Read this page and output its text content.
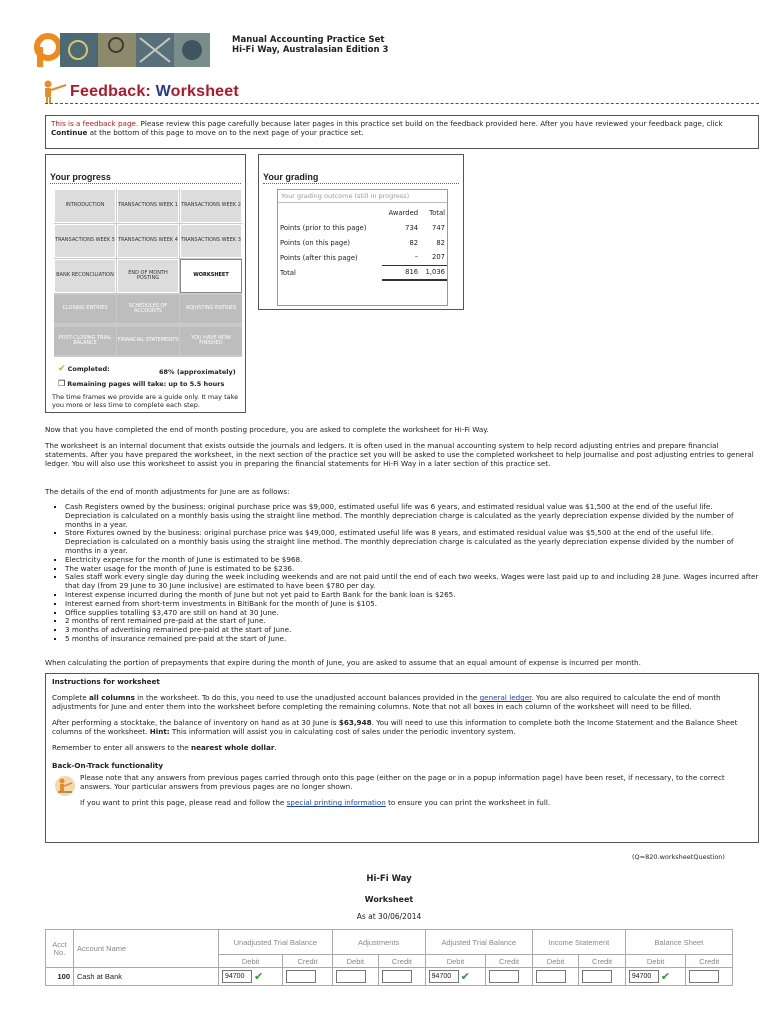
Manual Accounting Practice Set
Hi-Fi Way, Australasian Edition 3
Feedback: Worksheet
This is a feedback page. Please review this page carefully because later pages in this practice set build on the feedback provided here. After you have reviewed your feedback page, click Continue at the bottom of this page to move on to the next page of your practice set.
Your progress
INTRODUCTION	TRANSACTIONS WEEK 1 TRANSACTIONS WEEK 2
TRANSACTIONS WEEK 5 TRANSACTIONS WEEK 4 TRANSACTIONS WEEK 3
BANK RECONCILIATION	END OF MONTH POSTING	WORKSHEET
CLOSING ENTRIES	SCHEDULES OF ACCOUNTS	ADJUSTING ENTRIES
POST-CLOSING TRIAL BALANCE	FINANCIAL STATEMENTS	YOU HAVE NOW FINISHED
✔ Completed:	68% (approximately)
❐ Remaining pages will take: up to 5.5 hours
The time frames we provide are a guide only. It may take you more or less time to complete each step.
Your grading
Your grading outcome (still in progress)
	Awarded	Total
Points (prior to this page)	734	747
Points (on this page)	82	82
Points (after this page)	–	207
Total	816	1,036
Now that you have completed the end of month posting procedure, you are asked to complete the worksheet for Hi-Fi Way.
The worksheet is an internal document that exists outside the journals and ledgers. It is often used in the manual accounting system to help record adjusting entries and prepare financial statements. After you have prepared the worksheet, in the next section of the practice set you will be asked to use the completed worksheet to help journalise and post adjusting entries to general ledger. You will also use this worksheet to assist you in preparing the financial statements for Hi-Fi Way in a later section of this practice set.
The details of the end of month adjustments for June are as follows:
▪ Cash Registers owned by the business: original purchase price was $9,000, estimated useful life was 6 years, and estimated residual value was $1,500 at the end of the useful life. Depreciation is calculated on a monthly basis using the straight line method. The monthly depreciation charge is calculated as the yearly depreciation expense divided by the number of months in a year.
▪ Store Fixtures owned by the business: original purchase price was $49,000, estimated useful life was 8 years, and estimated residual value was $5,500 at the end of the useful life. Depreciation is calculated on a monthly basis using the straight line method. The monthly depreciation charge is calculated as the yearly depreciation expense divided by the number of months in a year.
▪ Electricity expense for the month of June is estimated to be $968.
▪ The water usage for the month of June is estimated to be $236.
▪ Sales staff work every single day during the week including weekends and are not paid until the end of each two weeks. Wages were last paid up to and including 28 June. Wages incurred after that day (from 29 June to 30 June inclusive) are estimated to have been $780 per day.
▪ Interest expense incurred during the month of June but not yet paid to Earth Bank for the bank loan is $265.
▪ Interest earned from short-term investments in BitiBank for the month of June is $105.
▪ Office supplies totalling $3,470 are still on hand at 30 June.
▪ 2 months of rent remained pre-paid at the start of June.
▪ 3 months of advertising remained pre-paid at the start of June.
▪ 5 months of insurance remained pre-paid at the start of June.
When calculating the portion of prepayments that expire during the month of June, you are asked to assume that an equal amount of expense is incurred per month.
Instructions for worksheet
Complete all columns in the worksheet. To do this, you need to use the unadjusted account balances provided in the general ledger. You are also required to calculate the end of month adjustments for June and enter them into the worksheet before completing the remaining columns. Note that not all boxes in each column of the worksheet will need to be filled.
After performing a stocktake, the balance of inventory on hand as at 30 June is $63,948. You will need to use this information to complete both the Income Statement and the Balance Sheet columns of the worksheet. Hint: This information will assist you in calculating cost of sales under the periodic inventory system.
Remember to enter all answers to the nearest whole dollar.
Back-On-Track functionality
Please note that any answers from previous pages carried through onto this page (either on the page or in a popup information page) have been reset, if necessary, to the correct answers. Your particular answers from previous pages are no longer shown.
If you want to print this page, please read and follow the special printing information to ensure you can print the worksheet in full.
(Q=820.worksheetQuestion)
Hi-Fi Way
Worksheet
As at 30/06/2014
Acct No.	Account Name	Unadjusted Trial Balance		Adjustments		Adjusted Trial Balance		Income Statement		Balance Sheet	
		Debit	Credit	Debit	Credit	Debit	Credit	Debit	Credit	Debit	Credit
100	Cash at Bank	94700 ✔				94700 ✔				94700 ✔	
